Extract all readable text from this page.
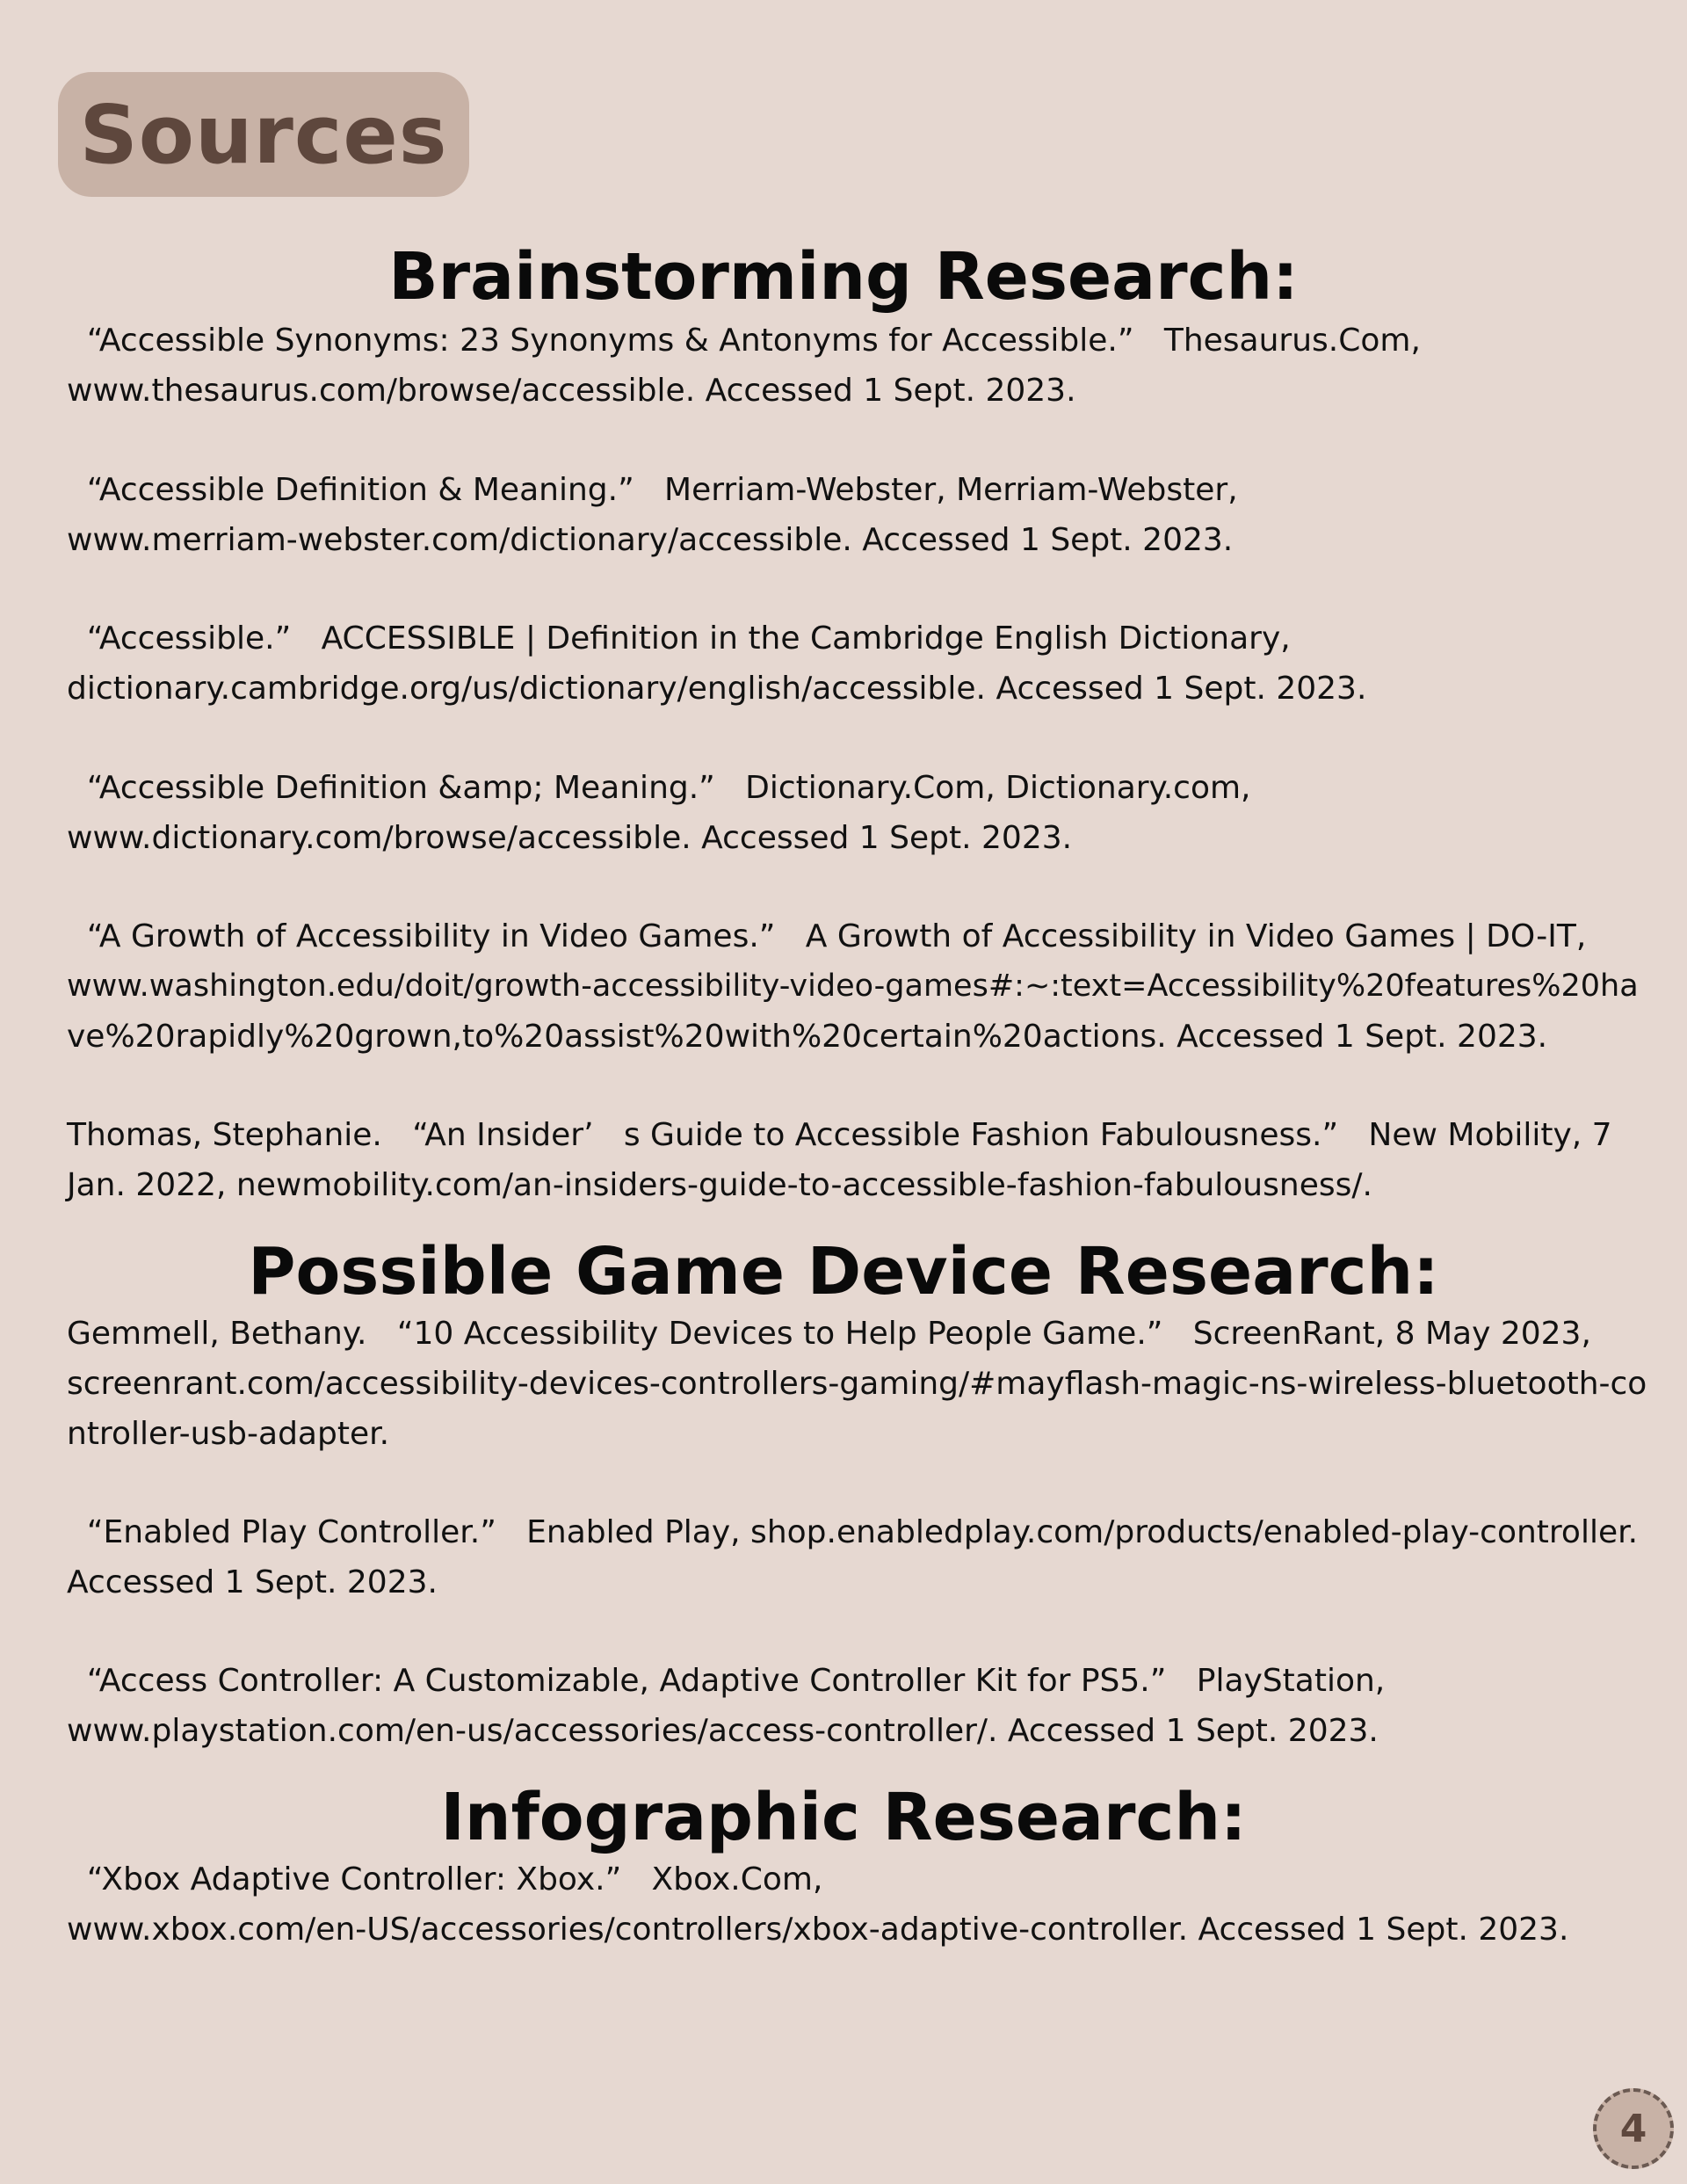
Sources
Brainstorming Research:

“Accessible Synonyms: 23 Synonyms & Antonyms for Accessible.”   Thesaurus.Com,
www.thesaurus.com/browse/accessible. Accessed 1 Sept. 2023.

“Accessible Definition & Meaning.”   Merriam-Webster, Merriam-Webster,
www.merriam-webster.com/dictionary/accessible. Accessed 1 Sept. 2023.

“Accessible.”   ACCESSIBLE | Definition in the Cambridge English Dictionary,
dictionary.cambridge.org/us/dictionary/english/accessible. Accessed 1 Sept. 2023.

“Accessible Definition &amp; Meaning.”   Dictionary.Com, Dictionary.com,
www.dictionary.com/browse/accessible. Accessed 1 Sept. 2023.

“A Growth of Accessibility in Video Games.”   A Growth of Accessibility in Video Games | DO-IT,
www.washington.edu/doit/growth-accessibility-video-games#:~:text=Accessibility%20features%20ha
ve%20rapidly%20grown,to%20assist%20with%20certain%20actions. Accessed 1 Sept. 2023.

Thomas, Stephanie.   “An Insider’   s Guide to Accessible Fashion Fabulousness.”   New Mobility, 7
Jan. 2022, newmobility.com/an-insiders-guide-to-accessible-fashion-fabulousness/.

Possible Game Device Research:

Gemmell, Bethany.   “10 Accessibility Devices to Help People Game.”   ScreenRant, 8 May 2023,
screenrant.com/accessibility-devices-controllers-gaming/#mayflash-magic-ns-wireless-bluetooth-co
ntroller-usb-adapter.

“Enabled Play Controller.”   Enabled Play, shop.enabledplay.com/products/enabled-play-controller.
Accessed 1 Sept. 2023.

“Access Controller: A Customizable, Adaptive Controller Kit for PS5.”   PlayStation,
www.playstation.com/en-us/accessories/access-controller/. Accessed 1 Sept. 2023.

Infographic Research:

“Xbox Adaptive Controller: Xbox.”   Xbox.Com,
www.xbox.com/en-US/accessories/controllers/xbox-adaptive-controller. Accessed 1 Sept. 2023.

4
